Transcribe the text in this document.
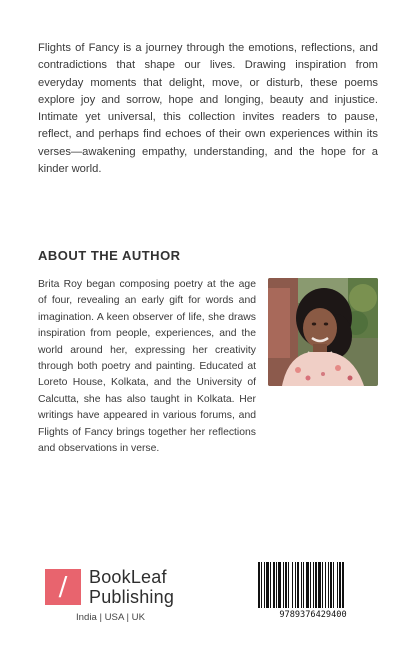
Flights of Fancy is a journey through the emotions, reflections, and contradictions that shape our lives. Drawing inspiration from everyday moments that delight, move, or disturb, these poems explore joy and sorrow, hope and longing, beauty and injustice. Intimate yet universal, this collection invites readers to pause, reflect, and perhaps find echoes of their own experiences within its verses—awakening empathy, understanding, and the hope for a kinder world.

ABOUT THE AUTHOR

Brita Roy began composing poetry at the age of four, revealing an early gift for words and imagination. A keen observer of life, she draws inspiration from people, experiences, and the world around her, expressing her creativity through both poetry and painting. Educated at Loreto House, Kolkata, and the University of Calcutta, she has also taught in Kolkata. Her writings have appeared in various forums, and Flights of Fancy brings together her reflections and observations in verse.

/	BookLeaf
Publishing
India | USA | UK	9789376429400
